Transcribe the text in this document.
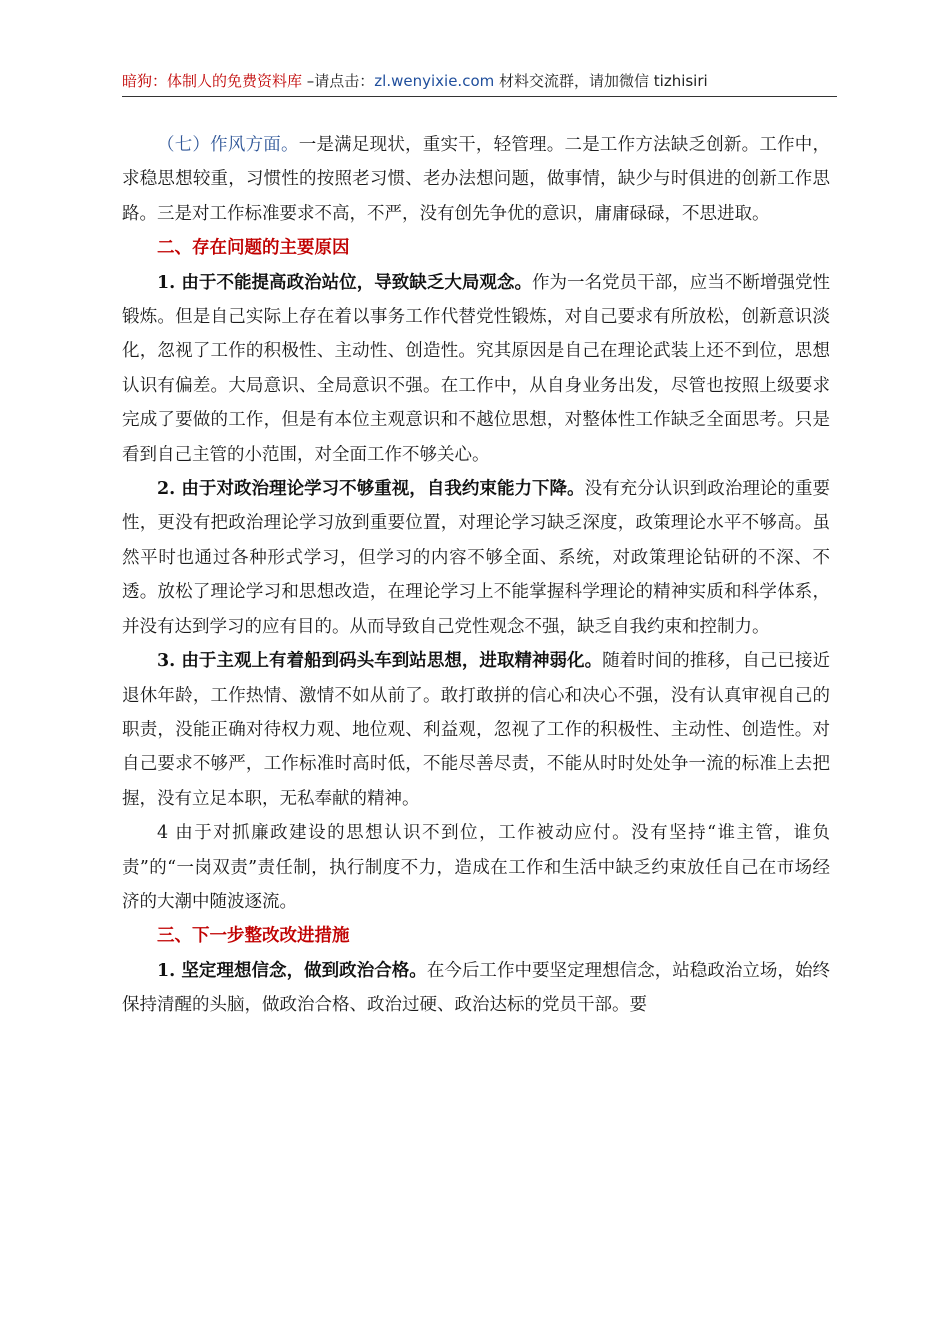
暗狗：体制人的免费资料库 –请点击：zl.wenyixie.com 材料交流群，请加微信 tizhisiri

（七）作风方面。一是满足现状，重实干，轻管理。二是工作方法缺乏创新。工作中，求稳思想较重，习惯性的按照老习惯、老办法想问题，做事情，缺少与时俱进的创新工作思路。三是对工作标准要求不高，不严，没有创先争优的意识，庸庸碌碌，不思进取。

二、存在问题的主要原因

1. 由于不能提高政治站位，导致缺乏大局观念。作为一名党员干部，应当不断增强党性锻炼。但是自己实际上存在着以事务工作代替党性锻炼，对自己要求有所放松，创新意识淡化，忽视了工作的积极性、主动性、创造性。究其原因是自己在理论武装上还不到位，思想认识有偏差。大局意识、全局意识不强。在工作中，从自身业务出发，尽管也按照上级要求完成了要做的工作，但是有本位主观意识和不越位思想，对整体性工作缺乏全面思考。只是看到自己主管的小范围，对全面工作不够关心。

2. 由于对政治理论学习不够重视，自我约束能力下降。没有充分认识到政治理论的重要性，更没有把政治理论学习放到重要位置，对理论学习缺乏深度，政策理论水平不够高。虽然平时也通过各种形式学习，但学习的内容不够全面、系统，对政策理论钻研的不深、不透。放松了理论学习和思想改造，在理论学习上不能掌握科学理论的精神实质和科学体系，并没有达到学习的应有目的。从而导致自己党性观念不强，缺乏自我约束和控制力。

3. 由于主观上有着船到码头车到站思想，进取精神弱化。随着时间的推移，自己已接近退休年龄，工作热情、激情不如从前了。敢打敢拼的信心和决心不强，没有认真审视自己的职责，没能正确对待权力观、地位观、利益观，忽视了工作的积极性、主动性、创造性。对自己要求不够严，工作标准时高时低，不能尽善尽责，不能从时时处处争一流的标准上去把握，没有立足本职，无私奉献的精神。

4 由于对抓廉政建设的思想认识不到位，工作被动应付。没有坚持“谁主管，谁负责”的“一岗双责”责任制，执行制度不力，造成在工作和生活中缺乏约束放任自己在市场经济的大潮中随波逐流。

三、下一步整改改进措施

1. 坚定理想信念，做到政治合格。在今后工作中要坚定理想信念，站稳政治立场，始终保持清醒的头脑，做政治合格、政治过硬、政治达标的党员干部。要
